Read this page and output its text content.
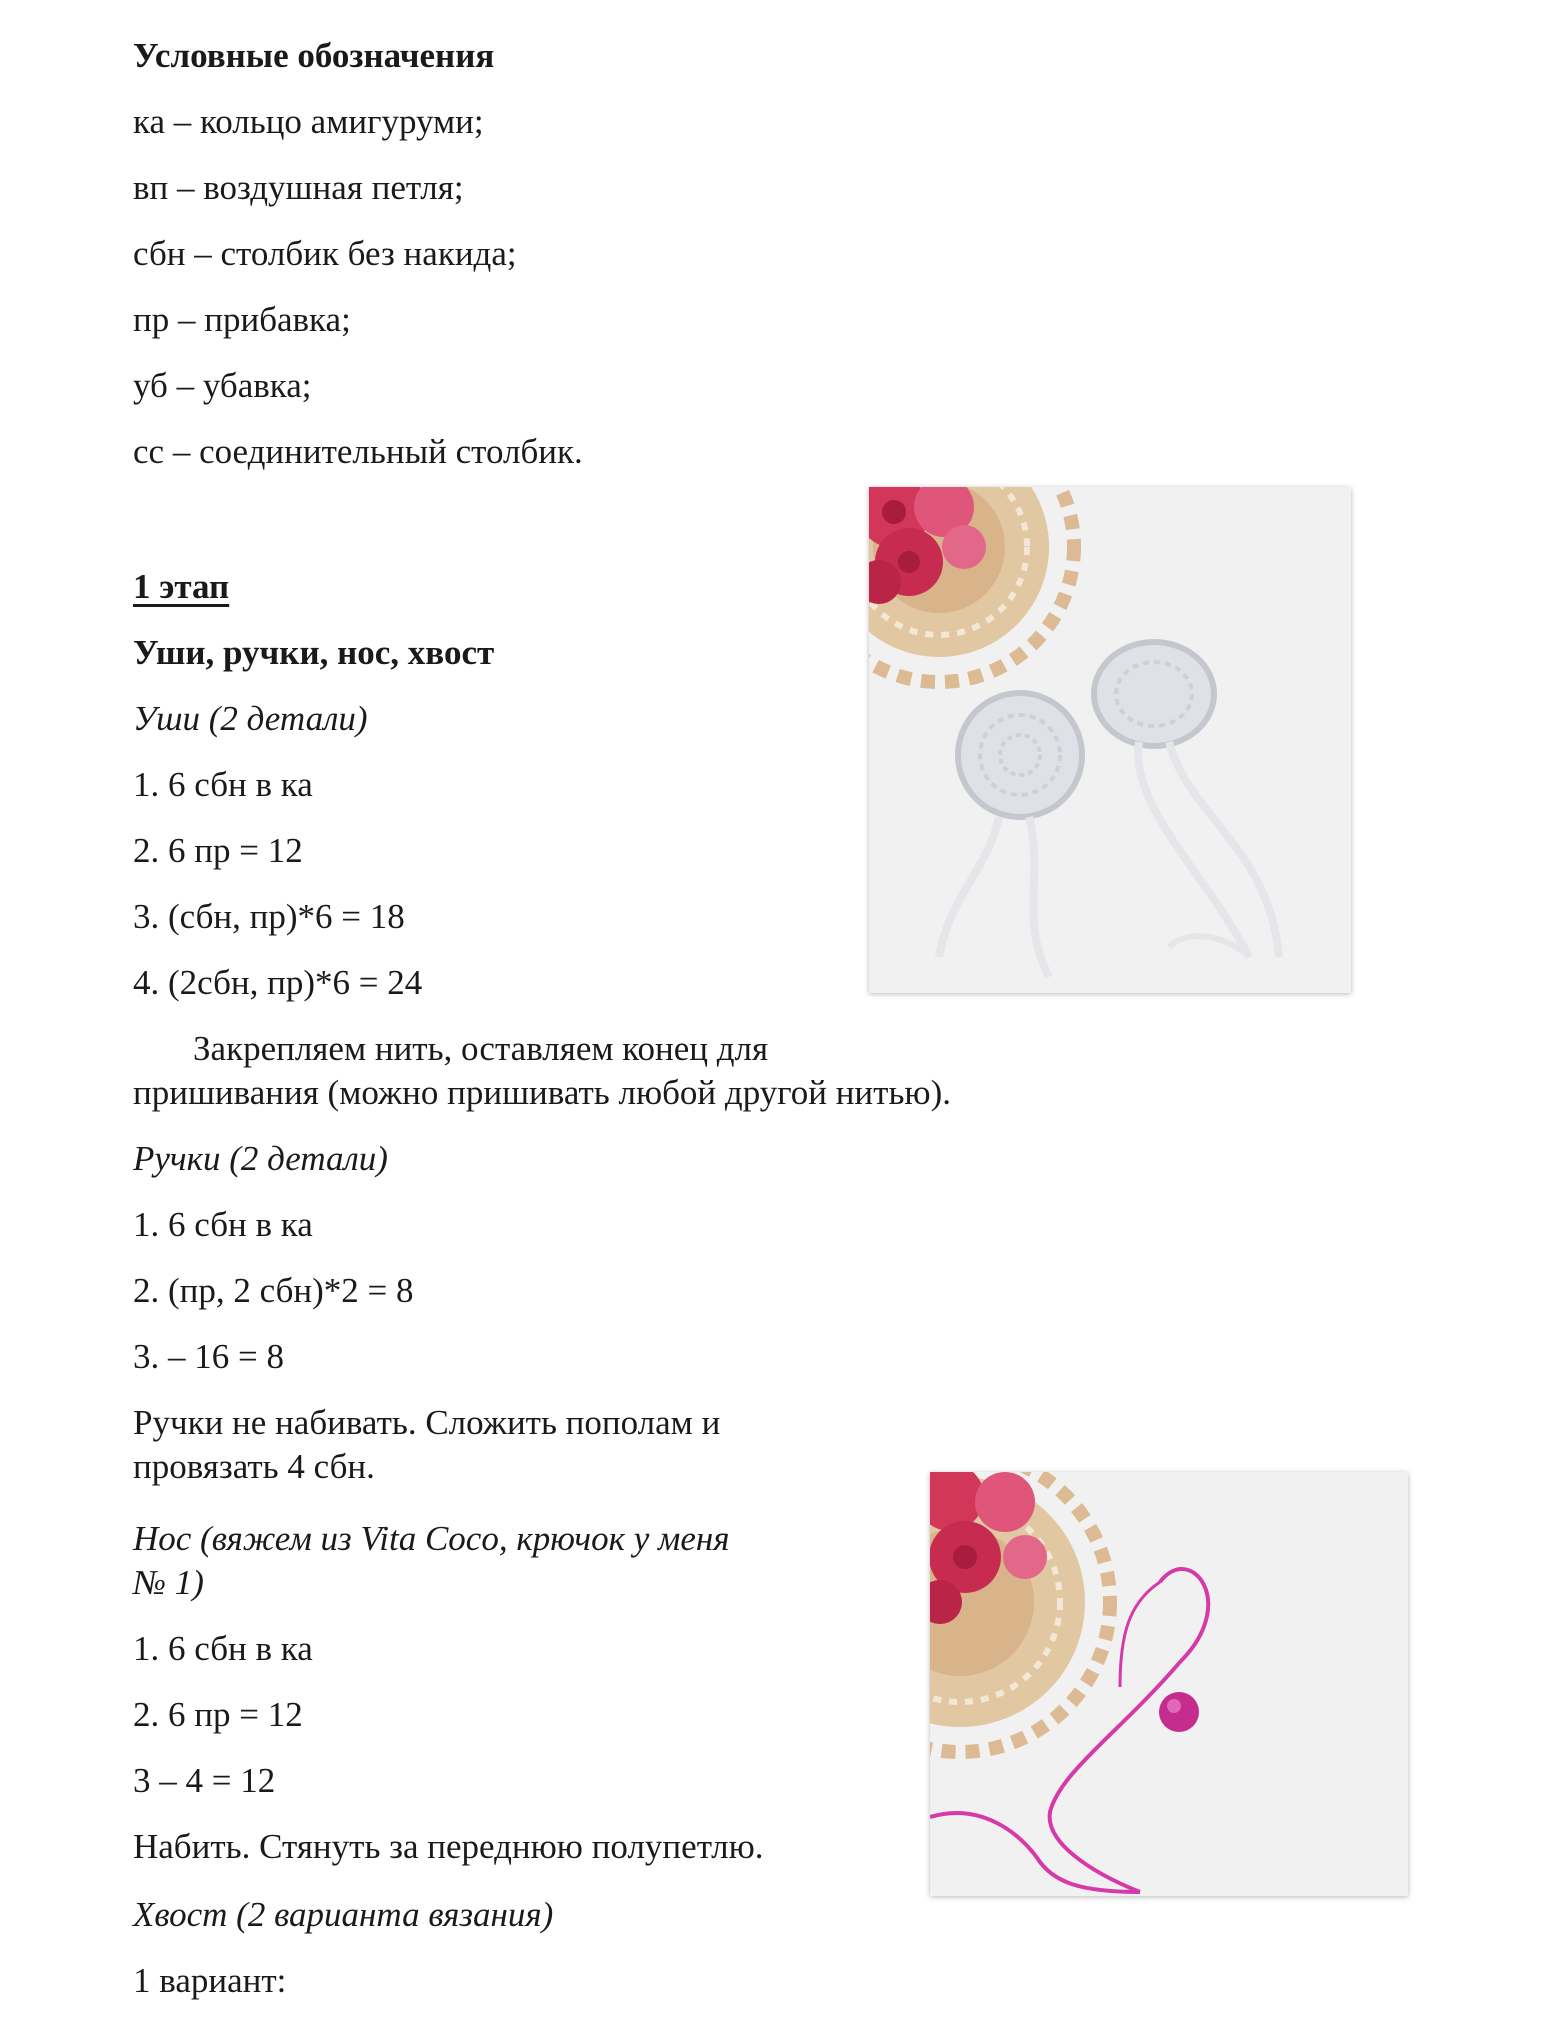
Условные обозначения

ка – кольцо амигуруми;

вп – воздушная петля;

сбн – столбик без накида;

пр – прибавка;

уб – убавка;

сс – соединительный столбик.

1 этап

Уши, ручки, нос, хвост

Уши (2 детали)

1. 6 сбн в ка

2. 6 пр = 12

3. (сбн, пр)*6 = 18

4. (2сбн, пр)*6 = 24

Закрепляем нить, оставляем конец для

пришивания (можно пришивать любой другой нитью).

Ручки (2 детали)

1. 6 сбн в ка

2. (пр, 2 сбн)*2 = 8

3. – 16 = 8

Ручки не набивать. Сложить пополам и

провязать 4 сбн.

Нос (вяжем из Vita Coco, крючок у меня

№ 1)

1. 6 сбн в ка

2. 6 пр = 12

3 – 4 = 12

Набить. Стянуть за переднюю полупетлю.

Хвост (2 варианта вязания)

1 вариант:
